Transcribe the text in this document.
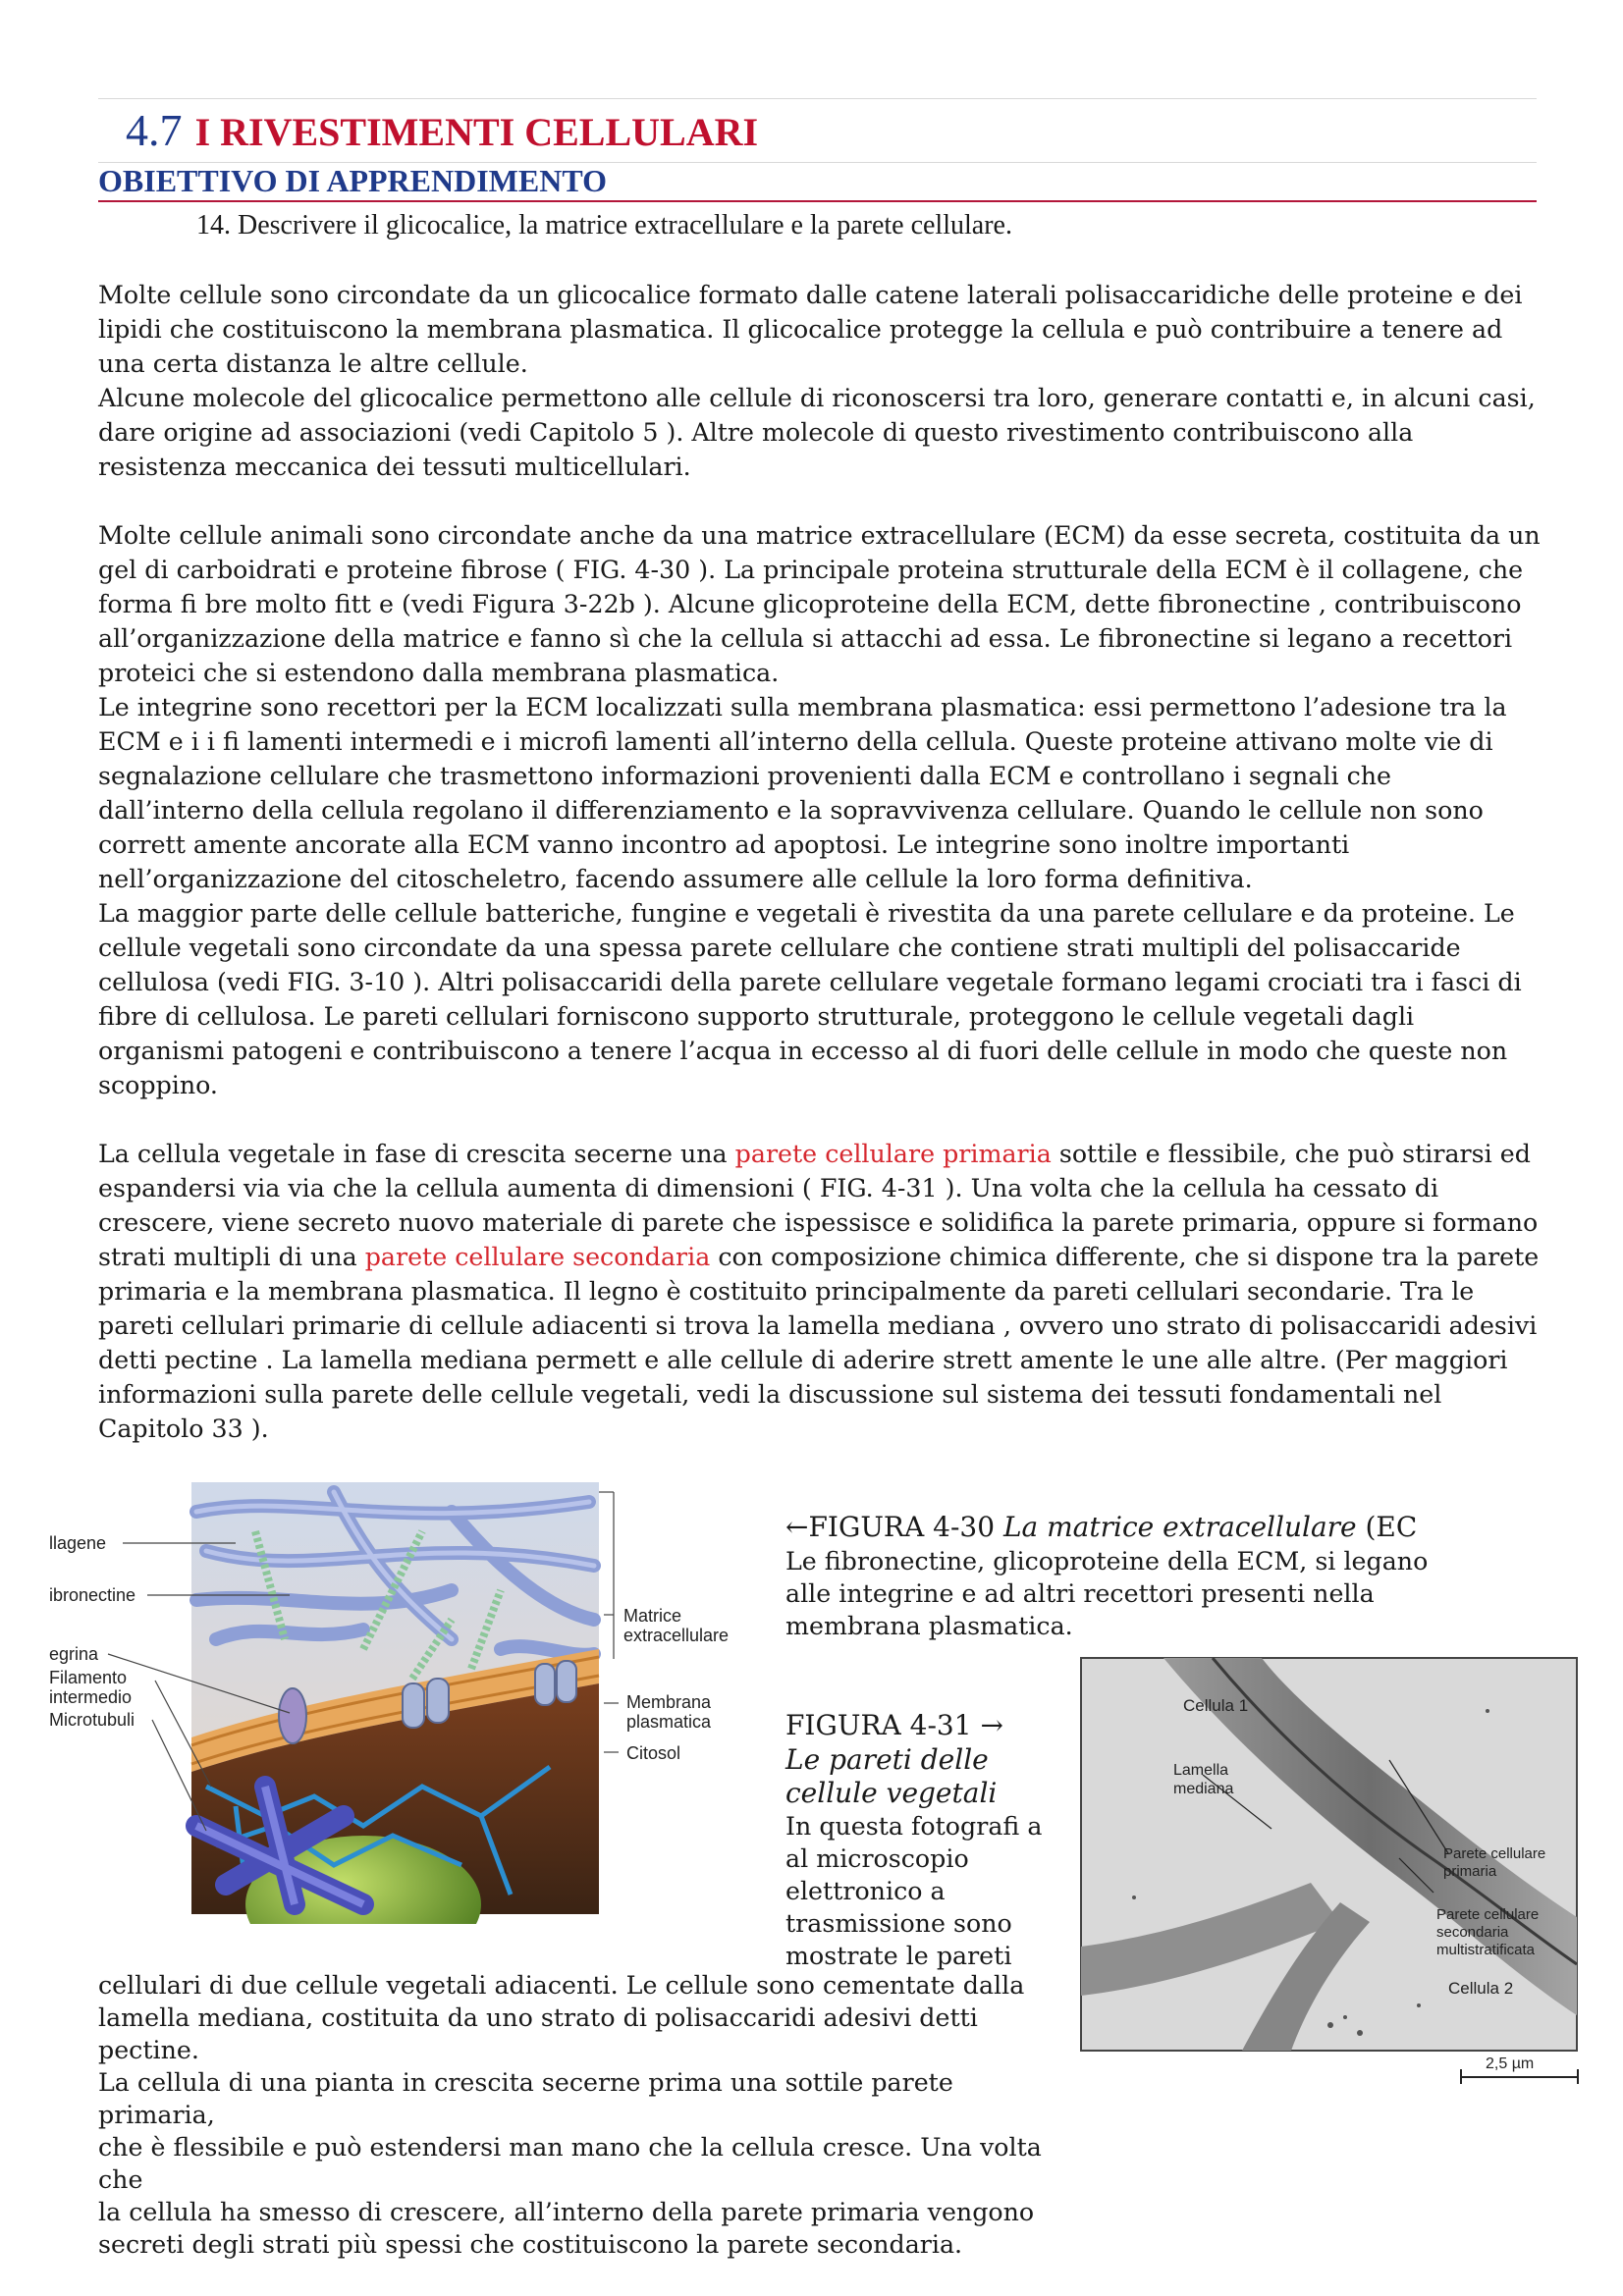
4.7 I RIVESTIMENTI CELLULARI
OBIETTIVO DI APPRENDIMENTO
14. Descrivere il glicocalice, la matrice extracellulare e la parete cellulare.

Molte cellule sono circondate da un glicocalice formato dalle catene laterali polisaccaridiche delle proteine e dei lipidi che costituiscono la membrana plasmatica. Il glicocalice protegge la cellula e può contribuire a tenere ad una certa distanza le altre cellule.

Alcune molecole del glicocalice permettono alle cellule di riconoscersi tra loro, generare contatti e, in alcuni casi, dare origine ad associazioni (vedi Capitolo 5 ). Altre molecole di questo rivestimento contribuiscono alla resistenza meccanica dei tessuti multicellulari.

Molte cellule animali sono circondate anche da una matrice extracellulare (ECM) da esse secreta, costituita da un gel di carboidrati e proteine fibrose ( FIG. 4-30 ). La principale proteina strutturale della ECM è il collagene, che forma fi bre molto fitt e (vedi Figura 3-22b ). Alcune glicoproteine della ECM, dette fibronectine , contribuiscono all’organizzazione della matrice e fanno sì che la cellula si attacchi ad essa. Le fibronectine si legano a recettori proteici che si estendono dalla membrana plasmatica.

Le integrine sono recettori per la ECM localizzati sulla membrana plasmatica: essi permettono l’adesione tra la ECM e i i fi lamenti intermedi e i microfi lamenti all’interno della cellula. Queste proteine attivano molte vie di segnalazione cellulare che trasmettono informazioni provenienti dalla ECM e controllano i segnali che dall’interno della cellula regolano il differenziamento e la sopravvivenza cellulare. Quando le cellule non sono corrett amente ancorate alla ECM vanno incontro ad apoptosi. Le integrine sono inoltre importanti nell’organizzazione del citoscheletro, facendo assumere alle cellule la loro forma definitiva.

La maggior parte delle cellule batteriche, fungine e vegetali è rivestita da una parete cellulare e da proteine. Le cellule vegetali sono circondate da una spessa parete cellulare che contiene strati multipli del polisaccaride cellulosa (vedi FIG. 3-10 ). Altri polisaccaridi della parete cellulare vegetale formano legami crociati tra i fasci di fibre di cellulosa. Le pareti cellulari forniscono supporto strutturale, proteggono le cellule vegetali dagli organismi patogeni e contribuiscono a tenere l’acqua in eccesso al di fuori delle cellule in modo che queste non scoppino.

La cellula vegetale in fase di crescita secerne una parete cellulare primaria sottile e flessibile, che può stirarsi ed espandersi via via che la cellula aumenta di dimensioni ( FIG. 4-31 ). Una volta che la cellula ha cessato di crescere, viene secreto nuovo materiale di parete che ispessisce e solidifica la parete primaria, oppure si formano strati multipli di una parete cellulare secondaria con composizione chimica differente, che si dispone tra la parete primaria e la membrana plasmatica. Il legno è costituito principalmente da pareti cellulari secondarie. Tra le pareti cellulari primarie di cellule adiacenti si trova la lamella mediana , ovvero uno strato di polisaccaridi adesivi detti pectine . La lamella mediana permett e alle cellule di aderire strett amente le une alle altre. (Per maggiori informazioni sulla parete delle cellule vegetali, vedi la discussione sul sistema dei tessuti fondamentali nel Capitolo 33 ).

llagene
ibronectine
egrina
Filamento
intermedio
Microtubuli
Matrice
extracellulare
Membrana
plasmatica
Citosol
←FIGURA 4-30 La matrice extracellulare (EC
Le fibronectine, glicoproteine della ECM, si legano alle integrine e ad altri recettori presenti nella membrana plasmatica.
FIGURA 4-31 →
Le pareti delle
cellule vegetali
In questa fotografi a
al microscopio
elettronico a
trasmissione sono
mostrate le pareti
cellulari di due cellule vegetali adiacenti. Le cellule sono cementate dalla
lamella mediana, costituita da uno strato di polisaccaridi adesivi detti pectine.
La cellula di una pianta in crescita secerne prima una sottile parete primaria,
che è flessibile e può estendersi man mano che la cellula cresce. Una volta che
la cellula ha smesso di crescere, all’interno della parete primaria vengono
secreti degli strati più spessi che costituiscono la parete secondaria.
Cellula 1
Lamella
mediana
Parete cellulare
primaria
Parete cellulare
secondaria
multistratificata
Cellula 2
2,5 µm
